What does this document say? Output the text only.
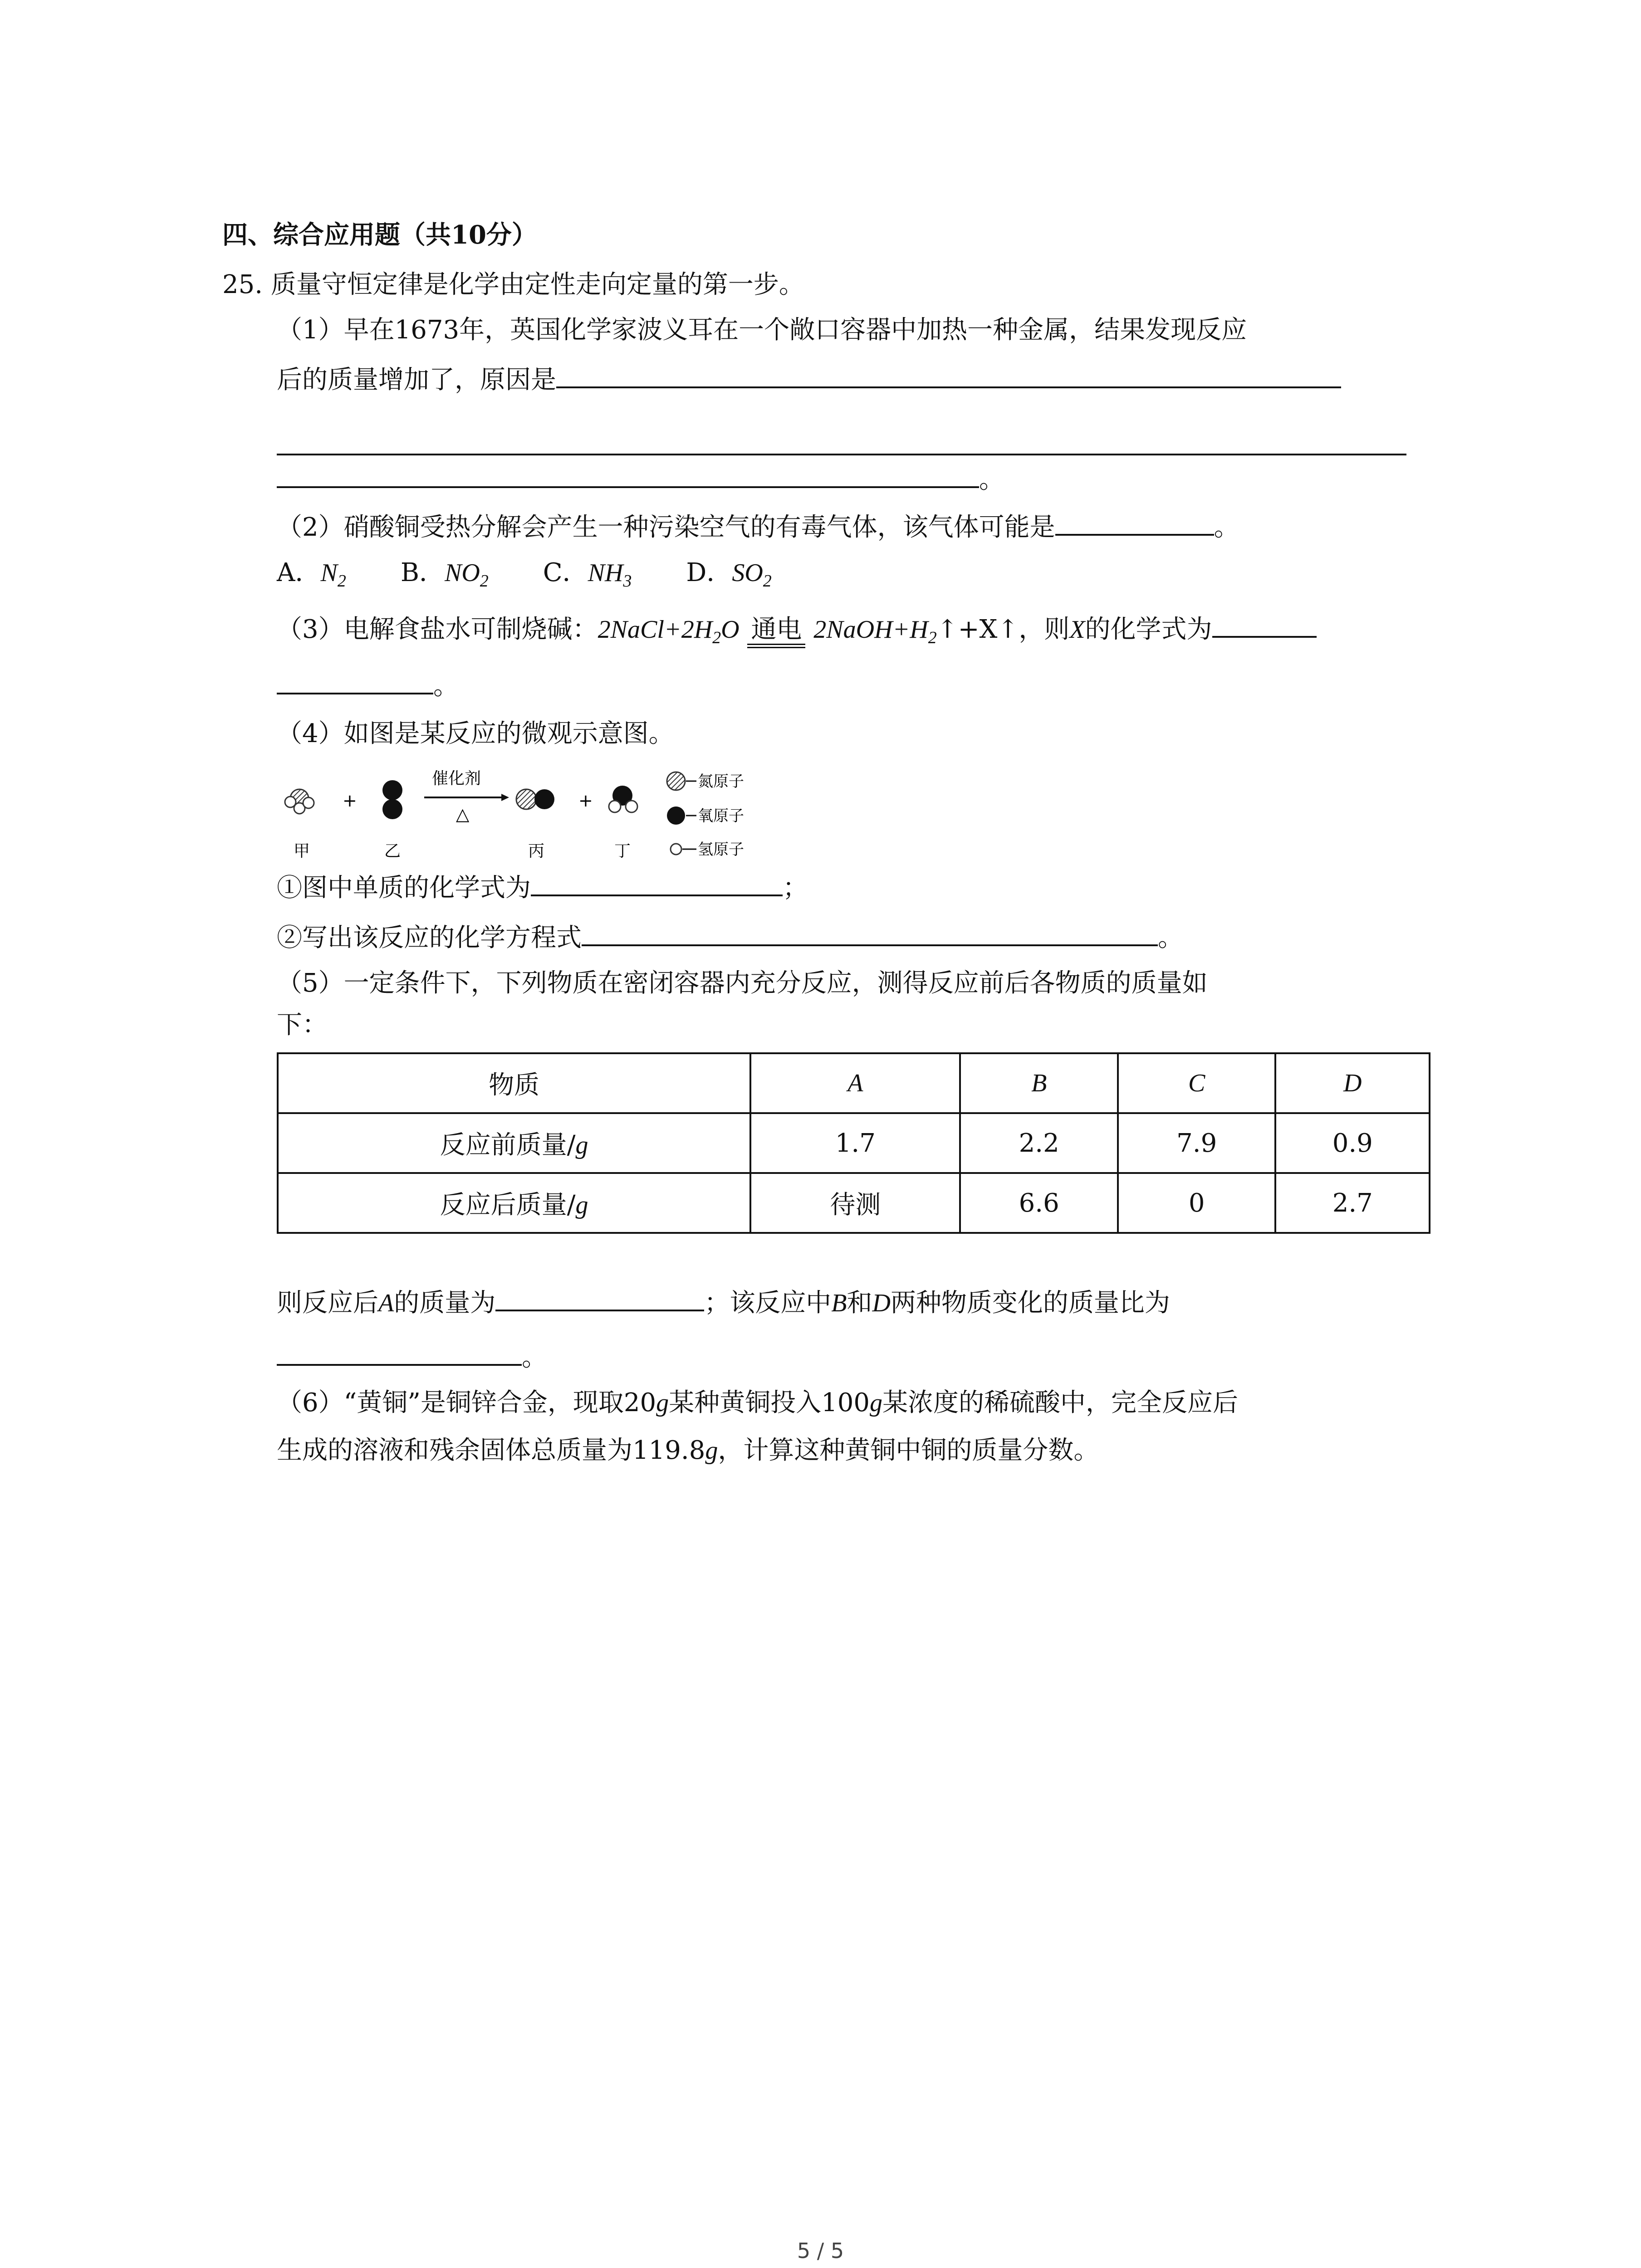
四、综合应用题（共10分）
25. 质量守恒定律是化学由定性走向定量的第一步。
（1）早在1673年，英国化学家波义耳在一个敞口容器中加热一种金属，结果发现反应
后的质量增加了，原因是
。
（2）硝酸铜受热分解会产生一种污染空气的有毒气体，该气体可能是	。
A．$N_2$ B．$NO_2$ C．$NH_3$ D．$SO_2$
（3）电解食盐水可制烧碱：$2NaCl+2H_2O$ 通电 $2NaOH+H_2↑+X↑$，则X的化学式为
。
（4）如图是某反应的微观示意图。
+
催化剂
△
+
甲	乙	丙	丁
氮原子
氧原子
氢原子
①图中单质的化学式为	；
②写出该反应的化学方程式	。
（5）一定条件下，下列物质在密闭容器内充分反应，测得反应前后各物质的质量如
下：
物质	A	B	C	D
反应前质量/g	1.7	2.2	7.9	0.9
反应后质量/g	待测	6.6	0	2.7
则反应后A的质量为	；该反应中B和D两种物质变化的质量比为
。
（6）“黄铜”是铜锌合金，现取20g某种黄铜投入100g某浓度的稀硫酸中，完全反应后
生成的溶液和残余固体总质量为119.8g，计算这种黄铜中铜的质量分数。
5 / 5
